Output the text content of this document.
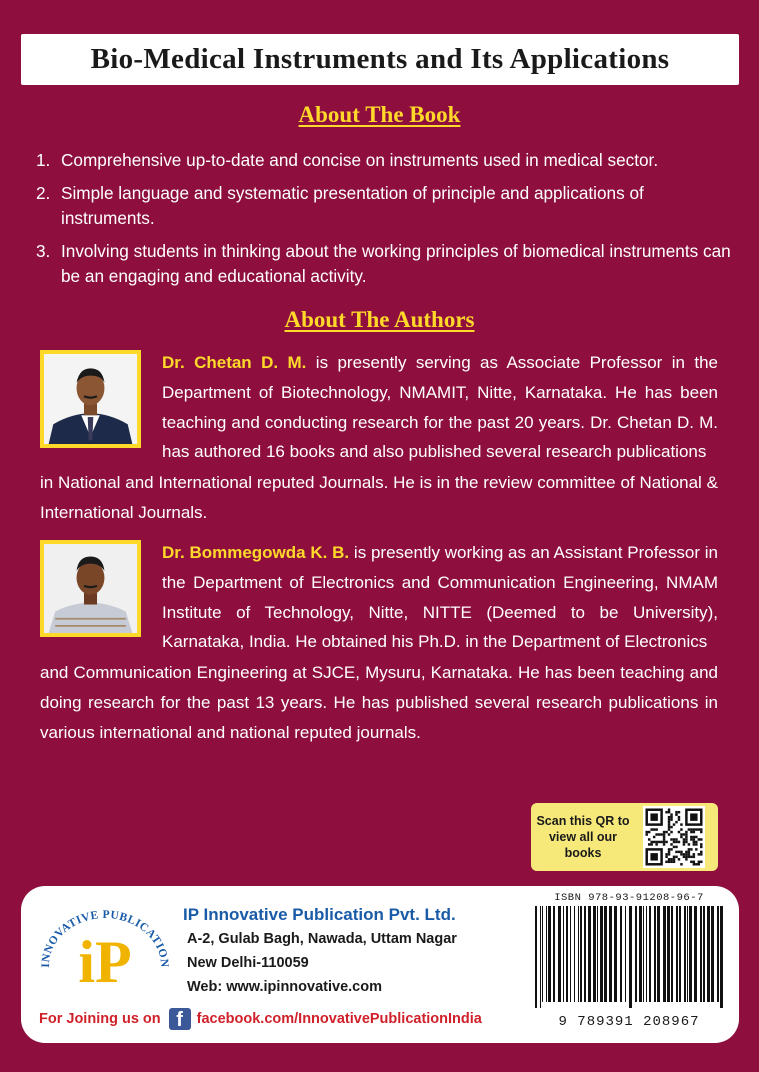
Bio-Medical Instruments and Its Applications
About The Book
1. Comprehensive up-to-date and concise on instruments used in medical sector.
2. Simple language and systematic presentation of principle and applications of instruments.
3. Involving students in thinking about the working principles of biomedical instruments can be an engaging and educational activity.
About The Authors
Dr. Chetan D. M. is presently serving as Associate Professor in the Department of Biotechnology, NMAMIT, Nitte, Karnataka. He has been teaching and conducting research for the past 20 years. Dr. Chetan D. M. has authored 16 books and also published several research publications
in National and International reputed Journals. He is in the review committee of National & International Journals.
Dr. Bommegowda K. B. is presently working as an Assistant Professor in the Department of Electronics and Communication Engineering, NMAM Institute of Technology, Nitte, NITTE (Deemed to be University), Karnataka, India. He obtained his Ph.D. in the Department of Electronics
and Communication Engineering at SJCE, Mysuru, Karnataka. He has been teaching and doing research for the past 13 years. He has published several research publications in various international and national reputed journals.
Scan this QR to view all our books
INNOVATIVE PUBLICATION
iP
IP Innovative Publication Pvt. Ltd.
A-2, Gulab Bagh, Nawada, Uttam Nagar
New Delhi-110059
Web: www.ipinnovative.com
For Joining us on f facebook.com/InnovativePublicationIndia
ISBN 978-93-91208-96-7
9 789391 208967
